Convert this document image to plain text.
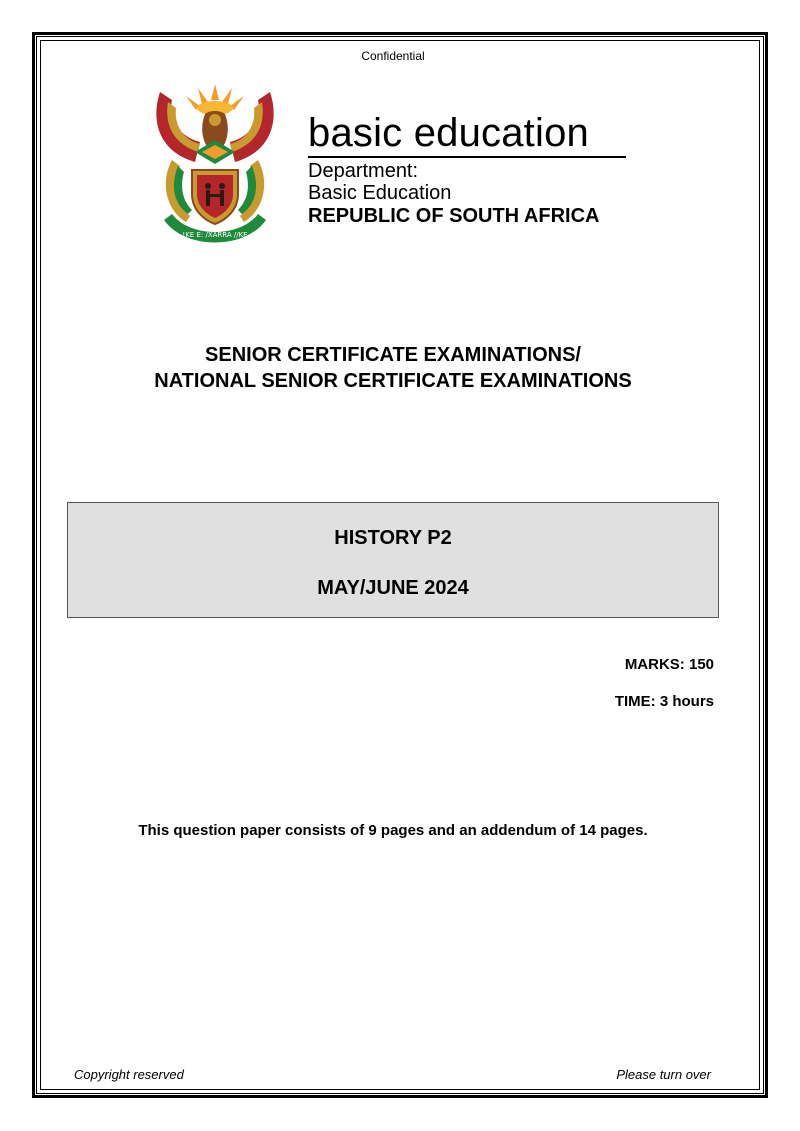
Confidential
!KE E: /XARRA //KE
basic education
Department:
Basic Education
REPUBLIC OF SOUTH AFRICA
SENIOR CERTIFICATE EXAMINATIONS/
NATIONAL SENIOR CERTIFICATE EXAMINATIONS
HISTORY P2
MAY/JUNE 2024
MARKS: 150
TIME: 3 hours
This question paper consists of 9 pages and an addendum of 14 pages.
Copyright reserved	Please turn over
